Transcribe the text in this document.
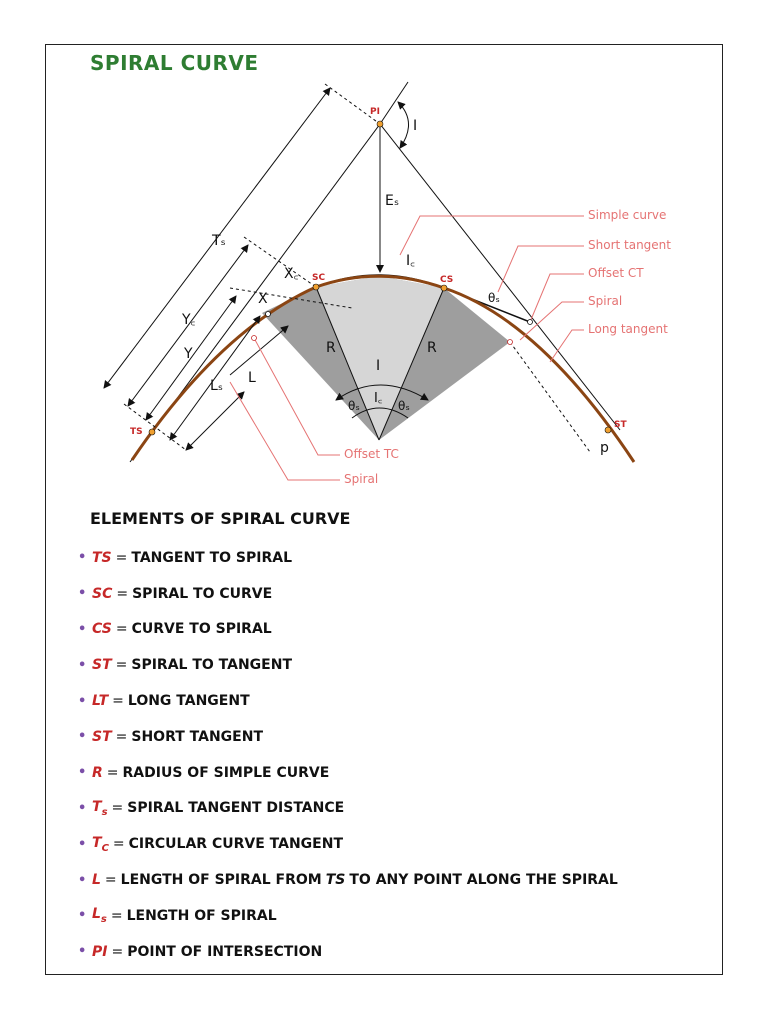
SPIRAL CURVE
PI
SC	CS
TS
ST
I
Eₛ
I꜀
Tₛ
X꜀
X
Y꜀
Y
Lₛ L
R	R
I
I꜀
θₛ	θₛ
θₛ
p
Simple curve
Short tangent
Offset CT
Spiral
Long tangent
Offset TC
Spiral
ELEMENTS OF SPIRAL CURVE
• TS = TANGENT TO SPIRAL
• SC = SPIRAL TO CURVE
• CS = CURVE TO SPIRAL
• ST = SPIRAL TO TANGENT
• LT = LONG TANGENT
• ST = SHORT TANGENT
• R = RADIUS OF SIMPLE CURVE
• $T_s$ = SPIRAL TANGENT DISTANCE
• $T_C$ = CIRCULAR CURVE TANGENT
• L = LENGTH OF SPIRAL FROM TS TO ANY POINT ALONG THE SPIRAL
• $L_s$ = LENGTH OF SPIRAL
• PI = POINT OF INTERSECTION
